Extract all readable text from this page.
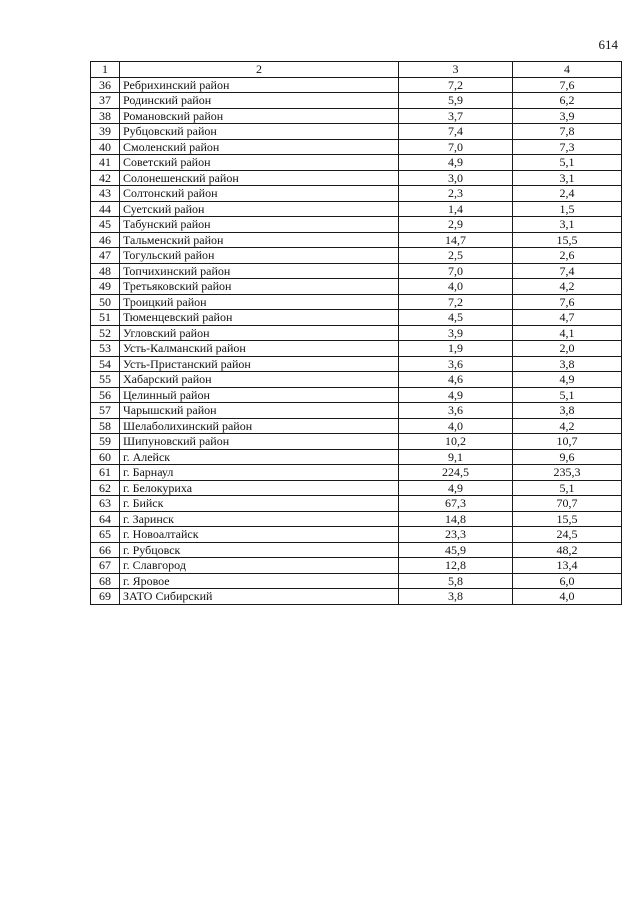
614
1	2	3	4
36	Ребрихинский район	7,2	7,6
37	Родинский район	5,9	6,2
38	Романовский район	3,7	3,9
39	Рубцовский район	7,4	7,8
40	Смоленский район	7,0	7,3
41	Советский район	4,9	5,1
42	Солонешенский район	3,0	3,1
43	Солтонский район	2,3	2,4
44	Суетский район	1,4	1,5
45	Табунский район	2,9	3,1
46	Тальменский район	14,7	15,5
47	Тогульский район	2,5	2,6
48	Топчихинский район	7,0	7,4
49	Третьяковский район	4,0	4,2
50	Троицкий район	7,2	7,6
51	Тюменцевский район	4,5	4,7
52	Угловский район	3,9	4,1
53	Усть-Калманский район	1,9	2,0
54	Усть-Пристанский район	3,6	3,8
55	Хабарский район	4,6	4,9
56	Целинный район	4,9	5,1
57	Чарышский район	3,6	3,8
58	Шелаболихинский район	4,0	4,2
59	Шипуновский район	10,2	10,7
60	г. Алейск	9,1	9,6
61	г. Барнаул	224,5	235,3
62	г. Белокуриха	4,9	5,1
63	г. Бийск	67,3	70,7
64	г. Заринск	14,8	15,5
65	г. Новоалтайск	23,3	24,5
66	г. Рубцовск	45,9	48,2
67	г. Славгород	12,8	13,4
68	г. Яровое	5,8	6,0
69	ЗАТО Сибирский	3,8	4,0
